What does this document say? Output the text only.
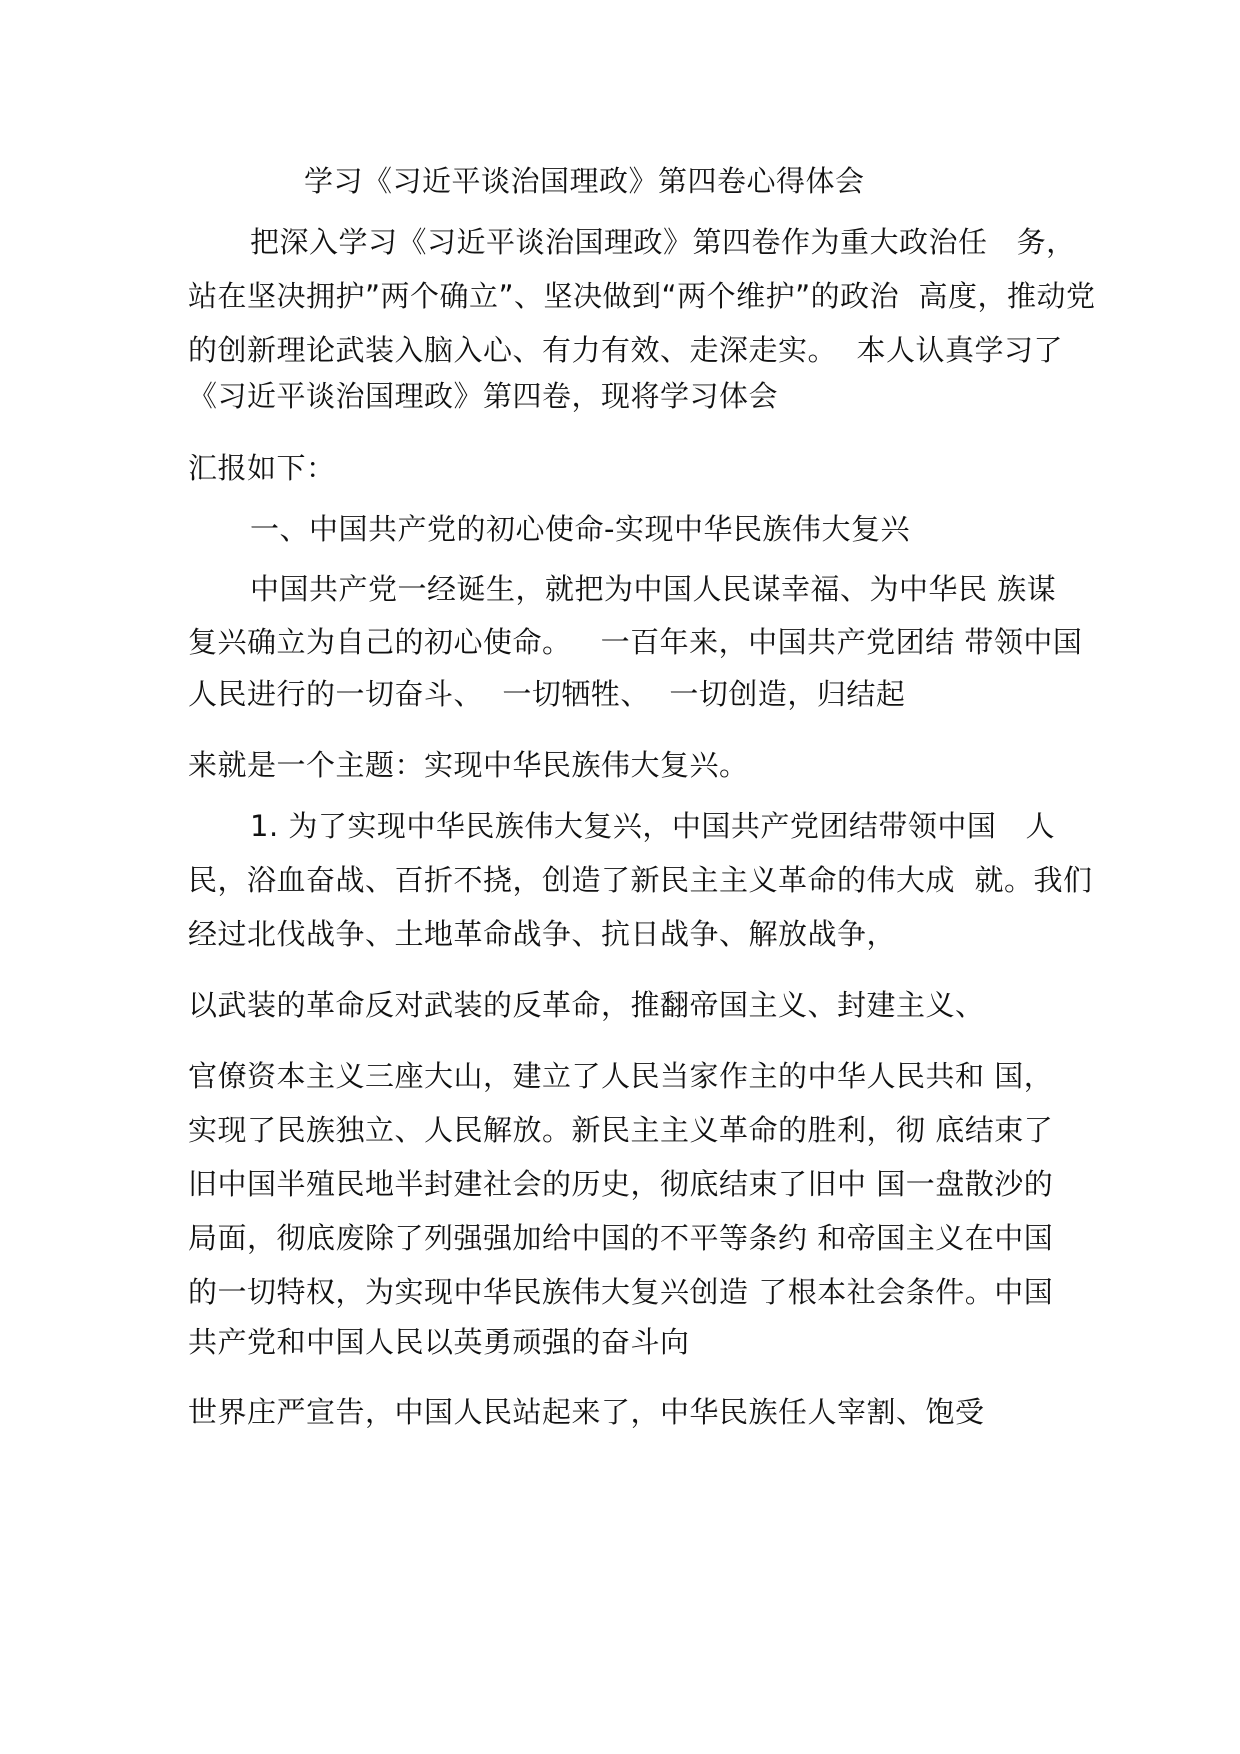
学习《习近平谈治国理政》第四卷心得体会
把深入学习《习近平谈治国理政》第四卷作为重大政治任   务，
站在坚决拥护”两个确立”、坚决做到“两个维护”的政治  高度，推动党
的创新理论武装入脑入心、有力有效、走深走实。  本人认真学习了
《习近平谈治国理政》第四卷，现将学习体会
汇报如下：
一、中国共产党的初心使命-实现中华民族伟大复兴
中国共产党一经诞生，就把为中国人民谋幸福、为中华民 族谋
复兴确立为自己的初心使命。   一百年来，中国共产党团结 带领中国
人民进行的一切奋斗、  一切牺牲、  一切创造，归结起
来就是一个主题：实现中华民族伟大复兴。
1. 为了实现中华民族伟大复兴，中国共产党团结带领中国   人
民，浴血奋战、百折不挠，创造了新民主主义革命的伟大成  就。我们
经过北伐战争、土地革命战争、抗日战争、解放战争，
以武装的革命反对武装的反革命，推翻帝国主义、封建主义、
官僚资本主义三座大山，建立了人民当家作主的中华人民共和 国，
实现了民族独立、人民解放。新民主主义革命的胜利，彻 底结束了
旧中国半殖民地半封建社会的历史，彻底结束了旧中 国一盘散沙的
局面，彻底废除了列强强加给中国的不平等条约 和帝国主义在中国
的一切特权，为实现中华民族伟大复兴创造 了根本社会条件。中国
共产党和中国人民以英勇顽强的奋斗向
世界庄严宣告，中国人民站起来了，中华民族任人宰割、饱受
